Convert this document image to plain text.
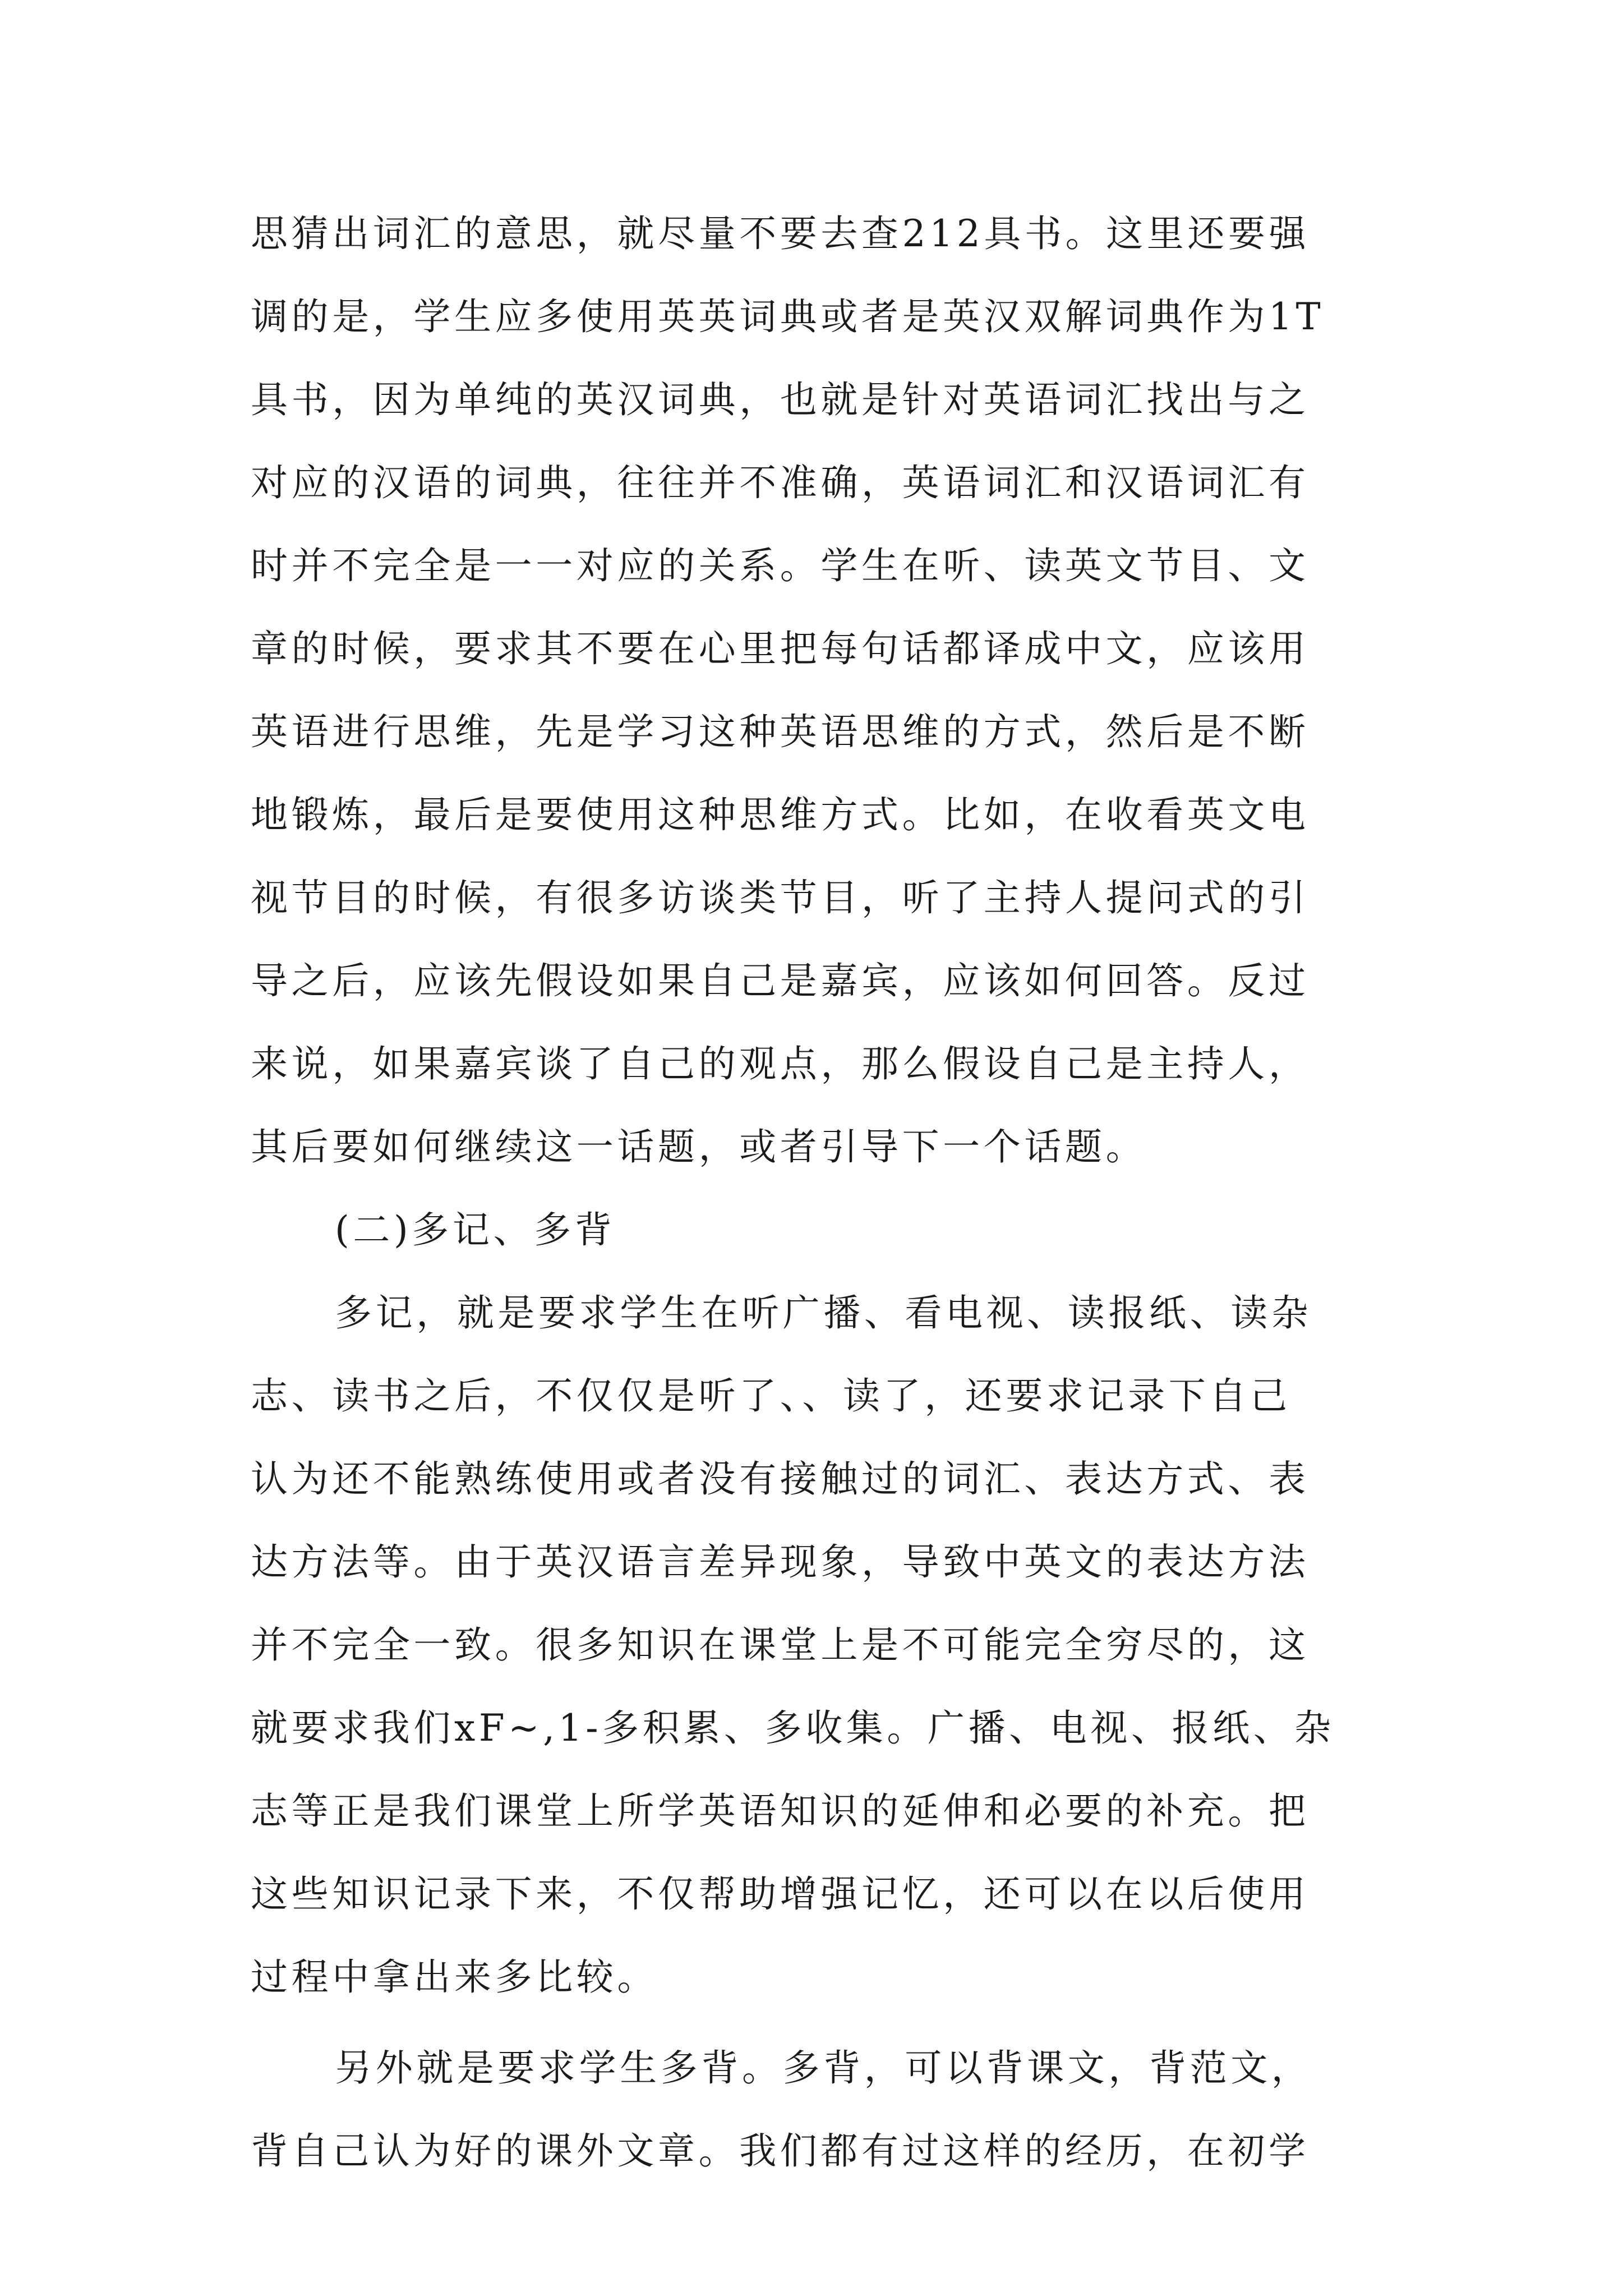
思猜出词汇的意思，就尽量不要去查212具书。这里还要强
调的是，学生应多使用英英词典或者是英汉双解词典作为1T
具书，因为单纯的英汉词典，也就是针对英语词汇找出与之
对应的汉语的词典，往往并不准确，英语词汇和汉语词汇有
时并不完全是一一对应的关系。学生在听、读英文节目、文
章的时候，要求其不要在心里把每句话都译成中文，应该用
英语进行思维，先是学习这种英语思维的方式，然后是不断
地锻炼，最后是要使用这种思维方式。比如，在收看英文电
视节目的时候，有很多访谈类节目，听了主持人提问式的引
导之后，应该先假设如果自己是嘉宾，应该如何回答。反过
来说，如果嘉宾谈了自己的观点，那么假设自己是主持人，
其后要如何继续这一话题，或者引导下一个话题。
(二)多记、多背
多记，就是要求学生在听广播、看电视、读报纸、读杂
志、读书之后，不仅仅是听了、、读了，还要求记录下自己
认为还不能熟练使用或者没有接触过的词汇、表达方式、表
达方法等。由于英汉语言差异现象，导致中英文的表达方法
并不完全一致。很多知识在课堂上是不可能完全穷尽的，这
就要求我们xF~,1-多积累、多收集。广播、电视、报纸、杂
志等正是我们课堂上所学英语知识的延伸和必要的补充。把
这些知识记录下来，不仅帮助增强记忆，还可以在以后使用
过程中拿出来多比较。
另外就是要求学生多背。多背，可以背课文，背范文，
背自己认为好的课外文章。我们都有过这样的经历，在初学
